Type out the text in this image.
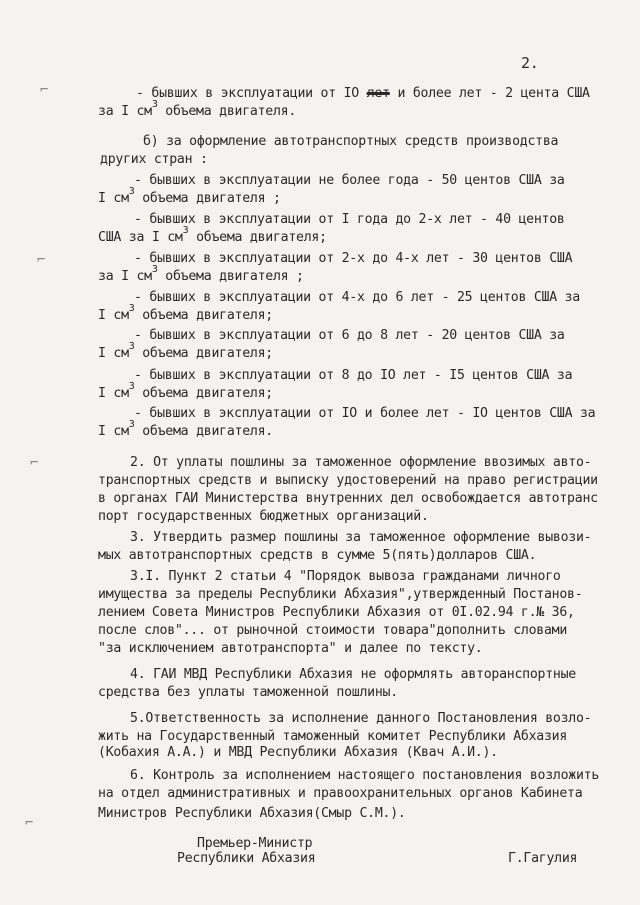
2.
- бывших в эксплуатации от IO лет и более лет - 2 цента США
за I $см^3$ объема двигателя.
б) за оформление автотранспортных средств производства
других стран :
- бывших в эксплуатации не более года - 50 центов США за
I $см^3$ объема двигателя ;
- бывших в эксплуатации от I года до 2-х лет - 40 центов
США за I $см^3$ объема двигателя;
- бывших в эксплуатации от 2-х до 4-х лет - 30 центов США
за I $см^3$ объема двигателя ;
- бывших в эксплуатации от 4-х до 6 лет - 25 центов США за
I $см^3$ объема двигателя;
- бывших в эксплуатации от 6 до 8 лет - 20 центов США за
I $см^3$ объема двигателя;
- бывших в эксплуатации от 8 до IO лет - I5 центов США за
I $см^3$ объема двигателя;
- бывших в эксплуатации от IO и более лет - IO центов США за
I $см^3$ объема двигателя.
2. От уплаты пошлины за таможенное оформление ввозимых авто-
транспортных средств и выписку удостоверений на право регистрации
в органах ГАИ Министерства внутренних дел освобождается автотранс
порт государственных бюджетных организаций.
3. Утвердить размер пошлины за таможенное оформление вывози-
мых автотранспортных средств в сумме 5(пять)долларов США.
3.I. Пункт 2 статьи 4 "Порядок вывоза гражданами личного
имущества за пределы Республики Абхазия",утвержденный Постанов-
лением Совета Министров Республики Абхазия от 0I.02.94 г.№ 36,
после слов"... от рыночной стоимости товара"дополнить словами
"за исключением автотранспорта" и далее по тексту.
4. ГАИ МВД Республики Абхазия не оформлять авторанспортные
средства без уплаты таможенной пошлины.
5.Ответственность за исполнение данного Постановления возло-
жить на Государственный таможенный комитет Республики Абхазия
(Кобахия А.А.) и МВД Республики Абхазия (Квач А.И.).
6. Контроль за исполнением настоящего постановления возложить
на отдел административных и правоохранительных органов Кабинета
Министров Республики Абхазия(Смыр С.М.).
Премьер-Министр
Республики Абхазия	Г.Гагулия
⌐
⌐
⌐
⌐
